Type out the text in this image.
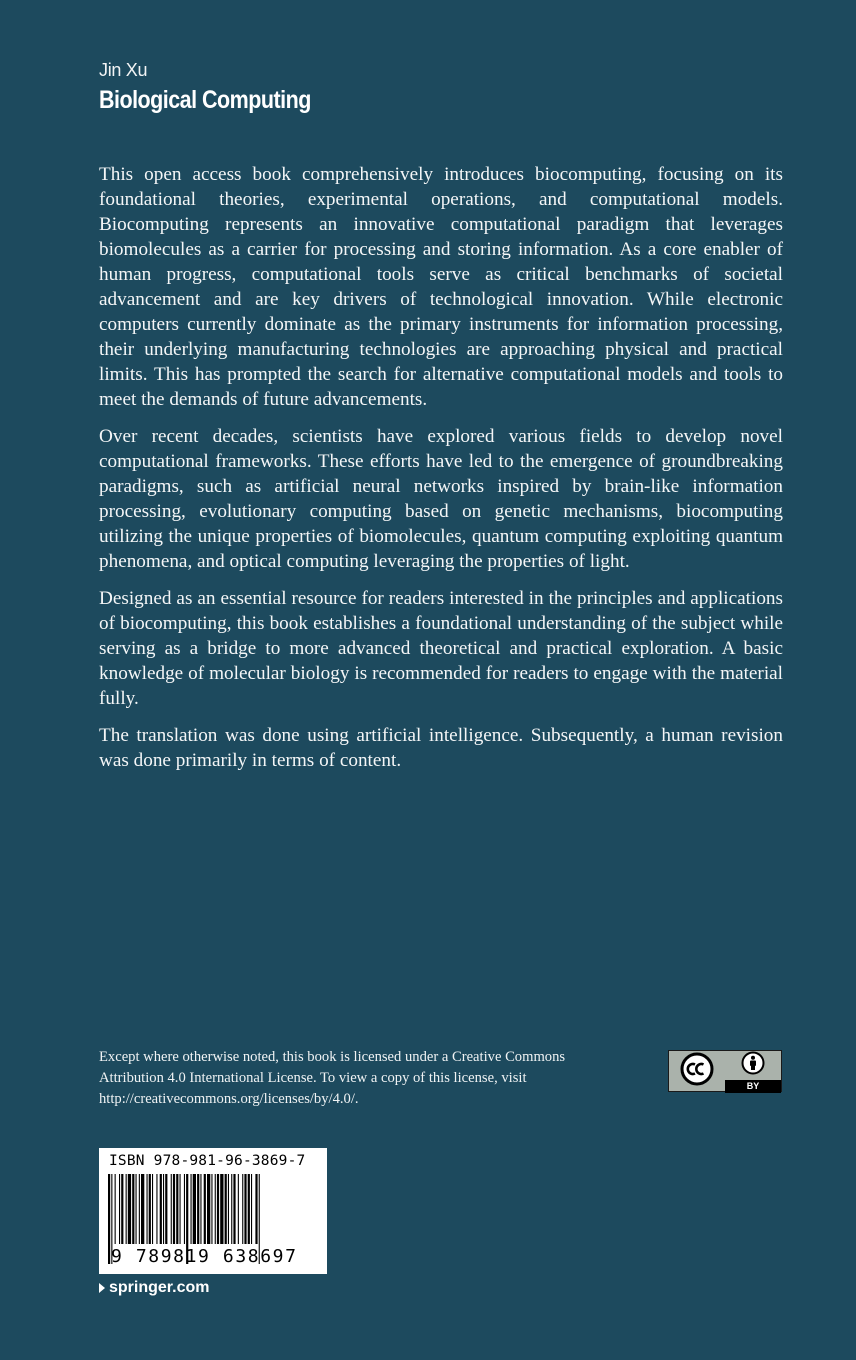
Jin Xu
Biological Computing

This open access book comprehensively introduces biocomputing, focusing on its foundational theories, experimental operations, and computational models. Biocomputing represents an innovative computational paradigm that leverages biomolecules as a carrier for processing and storing information. As a core enabler of human progress, computational tools serve as critical benchmarks of societal advancement and are key drivers of technological innovation. While electronic computers currently dominate as the primary instruments for information processing, their underlying manufacturing technologies are approaching physical and practical limits. This has prompted the search for alternative computational models and tools to meet the demands of future advancements.

Over recent decades, scientists have explored various fields to develop novel computational frameworks. These efforts have led to the emergence of groundbreaking paradigms, such as artificial neural networks inspired by brain-like information processing, evolutionary computing based on genetic mechanisms, biocomputing utilizing the unique properties of biomolecules, quantum computing exploiting quantum phenomena, and optical computing leveraging the properties of light.

Designed as an essential resource for readers interested in the principles and applications of biocomputing, this book establishes a foundational understanding of the subject while serving as a bridge to more advanced theoretical and practical exploration. A basic knowledge of molecular biology is recommended for readers to engage with the material fully.

The translation was done using artificial intelligence. Subsequently, a human revision was done primarily in terms of content.

Except where otherwise noted, this book is licensed under a Creative Commons Attribution 4.0 International License. To view a copy of this license, visit http://creativecommons.org/licenses/by/4.0/.
BY
ISBN 978-981-96-3869-7
9 789819 638697
springer.com
